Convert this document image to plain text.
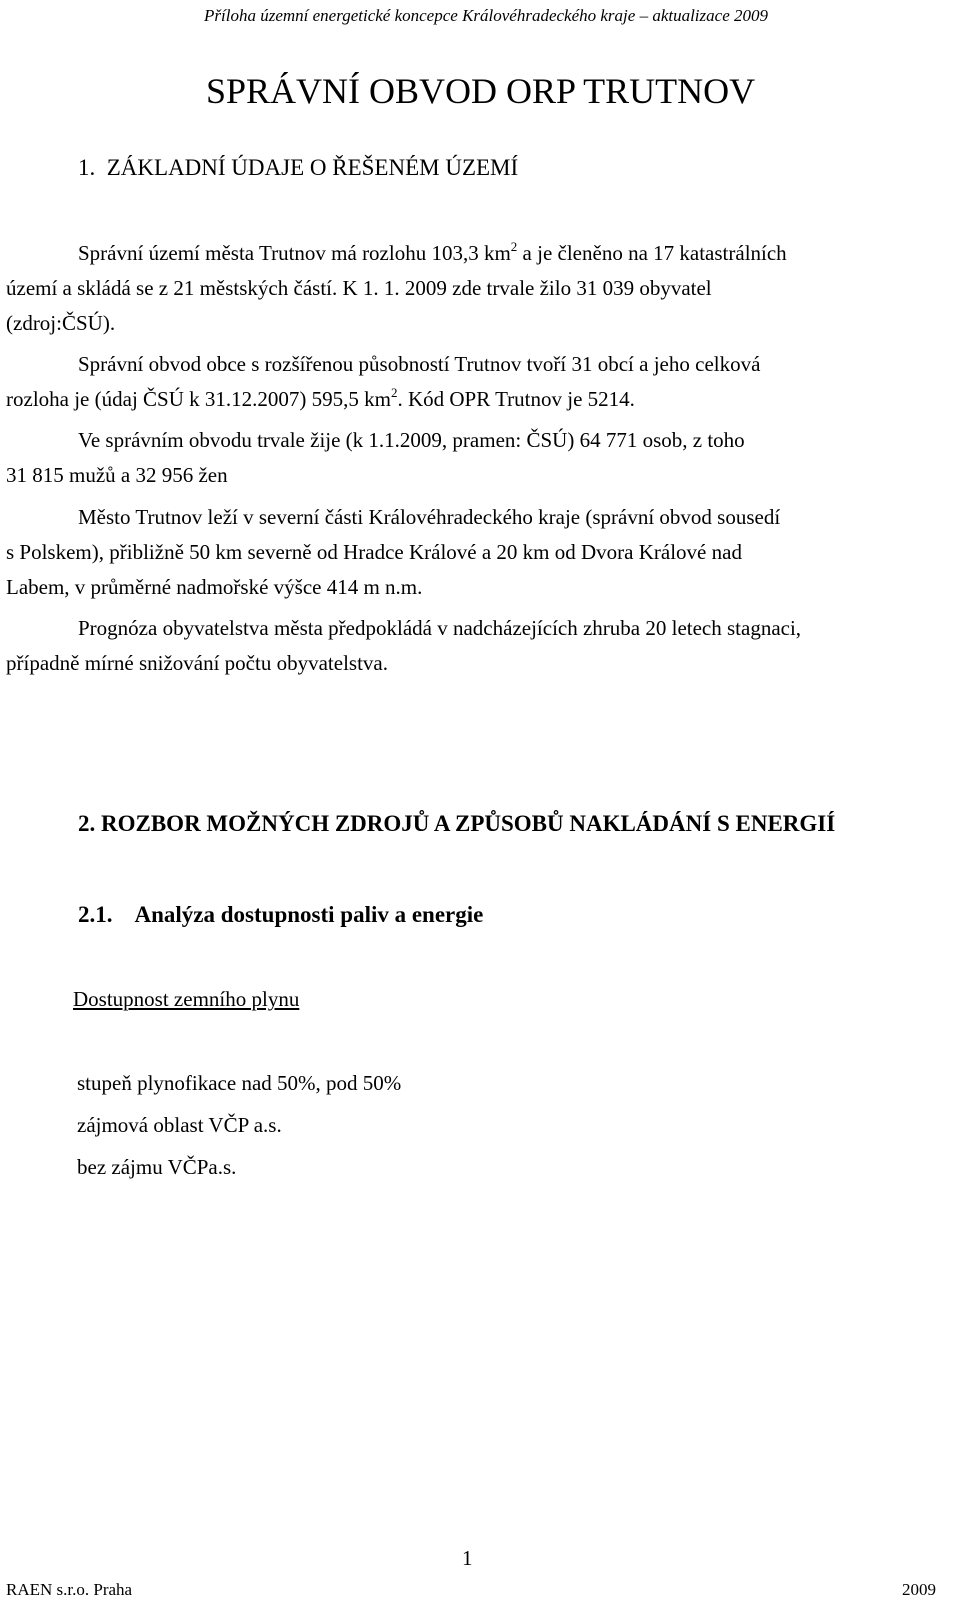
Příloha územní energetické koncepce Královéhradeckého kraje – aktualizace 2009
SPRÁVNÍ OBVOD ORP TRUTNOV
1. ZÁKLADNÍ ÚDAJE O ŘEŠENÉM ÚZEMÍ
Správní území města Trutnov má rozlohu 103,3 $km^2$ a je členěno na 17 katastrálních
území a skládá se z 21 městských částí. K 1. 1. 2009 zde trvale žilo 31 039 obyvatel
(zdroj:ČSÚ).
Správní obvod obce s rozšířenou působností Trutnov tvoří 31 obcí a jeho celková
rozloha je (údaj ČSÚ k 31.12.2007) 595,5 $km^2$. Kód OPR Trutnov je 5214.
Ve správním obvodu trvale žije (k 1.1.2009, pramen: ČSÚ) 64 771 osob, z toho
31 815 mužů a 32 956 žen
Město Trutnov leží v severní části Královéhradeckého kraje (správní obvod sousedí
s Polskem), přibližně 50 km severně od Hradce Králové a 20 km od Dvora Králové nad
Labem, v průměrné nadmořské výšce 414 m n.m.
Prognóza obyvatelstva města předpokládá v nadcházejících zhruba 20 letech stagnaci,
případně mírné snižování počtu obyvatelstva.
2. ROZBOR MOŽNÝCH ZDROJŮ A ZPŮSOBŮ NAKLÁDÁNÍ S ENERGIÍ
2.1. Analýza dostupnosti paliv a energie
Dostupnost zemního plynu
stupeň plynofikace nad 50%, pod 50%
zájmová oblast VČP a.s.
bez zájmu VČPa.s.
1
RAEN s.r.o. Praha	2009
